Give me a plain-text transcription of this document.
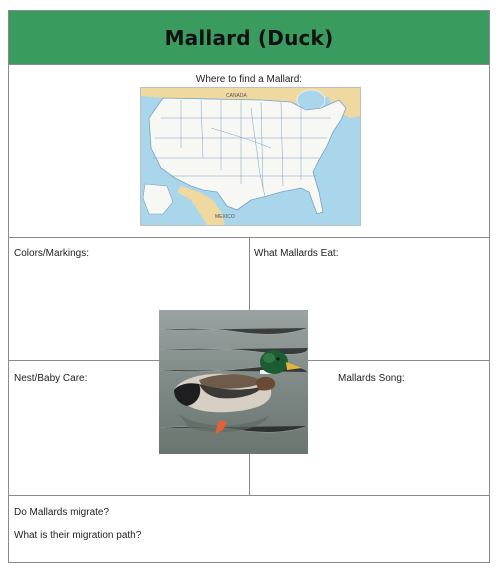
Mallard (Duck)
Where to find a Mallard:
CANADA
MEXICO
Colors/Markings:	What Mallards Eat:
Nest/Baby Care:	Mallards Song:
Do Mallards migrate?
What is their migration path?
